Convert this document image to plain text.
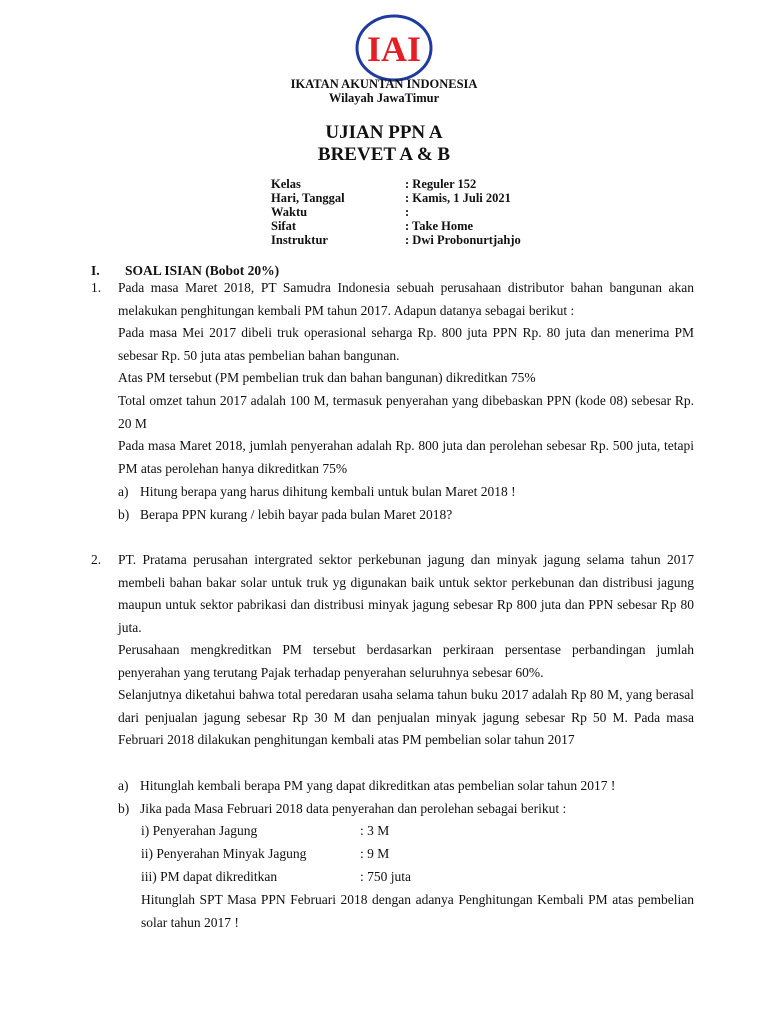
IAI
IKATAN AKUNTAN INDONESIA
Wilayah JawaTimur
UJIAN PPN A
BREVET A & B
Kelas	: Reguler 152
Hari, Tanggal	: Kamis, 1 Juli 2021
Waktu	:
Sifat	: Take Home
Instruktur	: Dwi Probonurtjahjo
I. SOAL ISIAN (Bobot 20%)
1. Pada masa Maret 2018, PT Samudra Indonesia sebuah perusahaan distributor bahan bangunan akan melakukan penghitungan kembali PM tahun 2017. Adapun datanya sebagai berikut :
Pada masa Mei 2017 dibeli truk operasional seharga Rp. 800 juta PPN Rp. 80 juta dan menerima PM sebesar Rp. 50 juta atas pembelian bahan bangunan.
Atas PM tersebut (PM pembelian truk dan bahan bangunan) dikreditkan 75%
Total omzet tahun 2017 adalah 100 M, termasuk penyerahan yang dibebaskan PPN (kode 08) sebesar Rp. 20 M
Pada masa Maret 2018, jumlah penyerahan adalah Rp. 800 juta dan perolehan sebesar Rp. 500 juta, tetapi PM atas perolehan hanya dikreditkan 75%
a) Hitung berapa yang harus dihitung kembali untuk bulan Maret 2018 !
b) Berapa PPN kurang / lebih bayar pada bulan Maret 2018?
2. PT. Pratama perusahan intergrated sektor perkebunan jagung dan minyak jagung selama tahun 2017 membeli bahan bakar solar untuk truk yg digunakan baik untuk sektor perkebunan dan distribusi jagung maupun untuk sektor pabrikasi dan distribusi minyak jagung sebesar Rp 800 juta dan PPN sebesar Rp 80 juta.
Perusahaan mengkreditkan PM tersebut berdasarkan perkiraan persentase perbandingan jumlah penyerahan yang terutang Pajak terhadap penyerahan seluruhnya sebesar 60%.
Selanjutnya diketahui bahwa total peredaran usaha selama tahun buku 2017 adalah Rp 80 M, yang berasal dari penjualan jagung sebesar Rp 30 M dan penjualan minyak jagung sebesar Rp 50 M. Pada masa Februari 2018 dilakukan penghitungan kembali atas PM pembelian solar tahun 2017
a) Hitunglah kembali berapa PM yang dapat dikreditkan atas pembelian solar tahun 2017 !
b) Jika pada Masa Februari 2018 data penyerahan dan perolehan sebagai berikut :
i) Penyerahan Jagung	: 3 M
ii) Penyerahan Minyak Jagung	: 9 M
iii) PM dapat dikreditkan	: 750 juta
Hitunglah SPT Masa PPN Februari 2018 dengan adanya Penghitungan Kembali PM atas pembelian solar tahun 2017 !
